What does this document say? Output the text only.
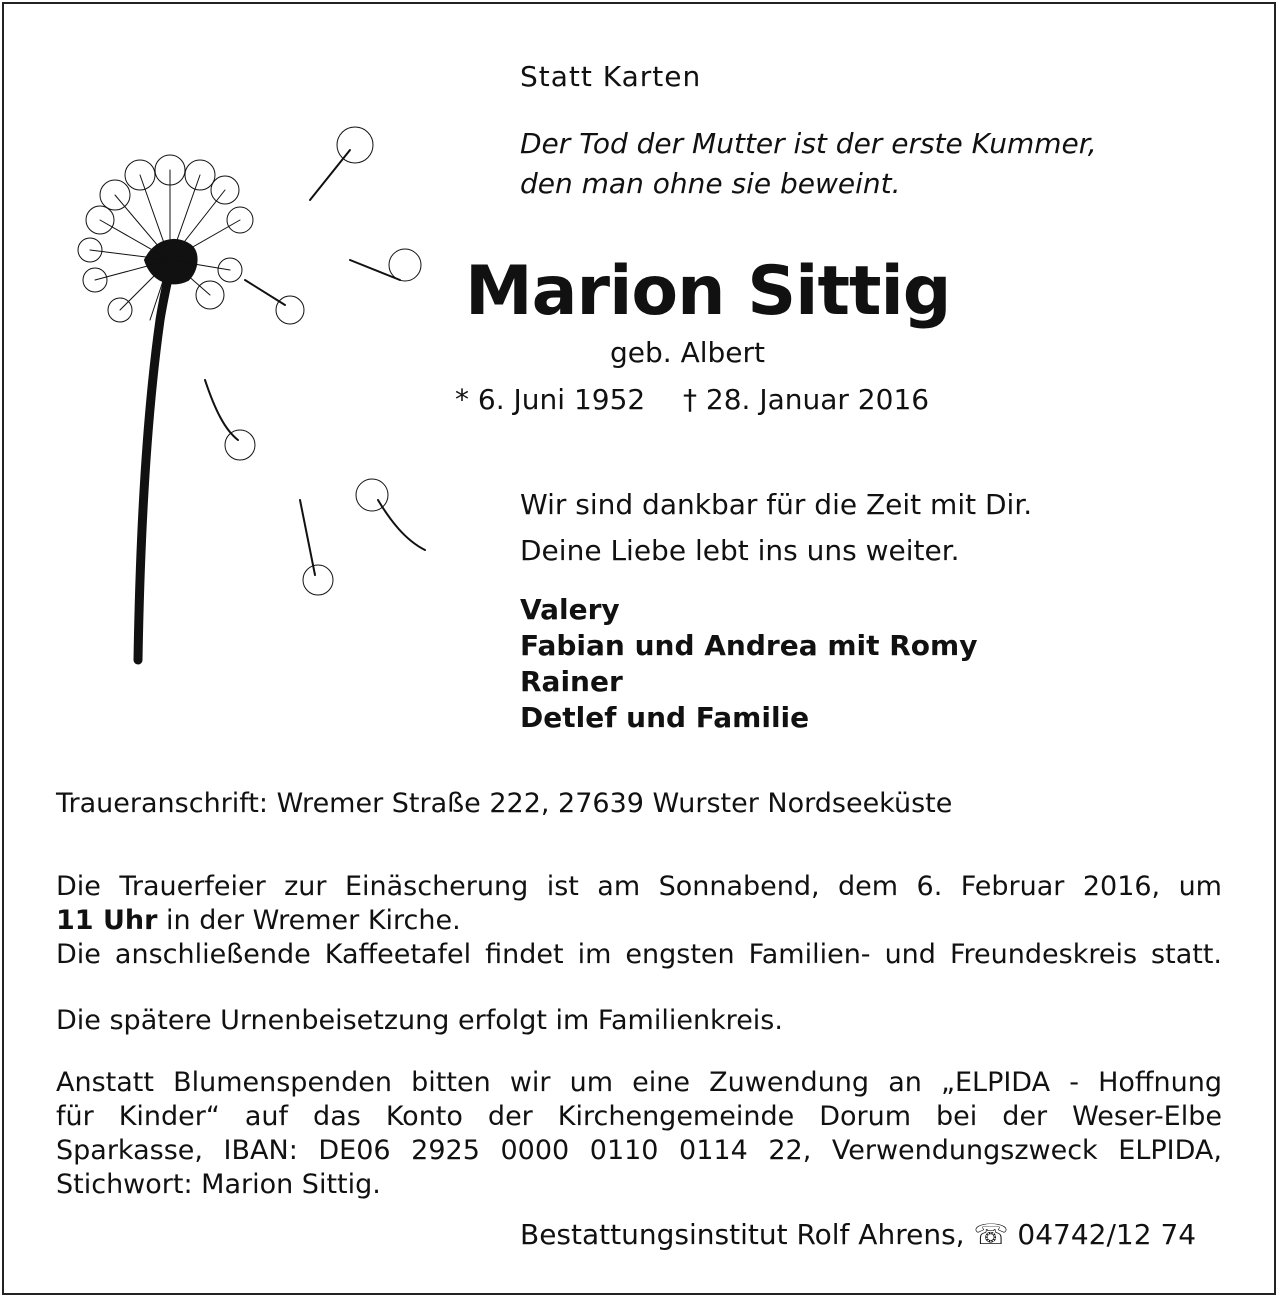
Statt Karten
Der Tod der Mutter ist der erste Kummer,
den man ohne sie beweint.
Marion Sittig
geb. Albert
* 6. Juni 1952 † 28. Januar 2016
Wir sind dankbar für die Zeit mit Dir.
Deine Liebe lebt ins uns weiter.
Valery
Fabian und Andrea mit Romy
Rainer
Detlef und Familie
Traueranschrift: Wremer Straße 222, 27639 Wurster Nordseeküste
Die Trauerfeier zur Einäscherung ist am Sonnabend, dem 6. Februar 2016, um
11 Uhr in der Wremer Kirche.
Die anschließende Kaffeetafel findet im engsten Familien- und Freundeskreis statt.
Die spätere Urnenbeisetzung erfolgt im Familienkreis.
Anstatt Blumenspenden bitten wir um eine Zuwendung an „ELPIDA - Hoffnung
für Kinder“ auf das Konto der Kirchengemeinde Dorum bei der Weser-Elbe
Sparkasse, IBAN: DE06 2925 0000 0110 0114 22, Verwendungszweck ELPIDA,
Stichwort: Marion Sittig.
Bestattungsinstitut Rolf Ahrens, ☏ 04742/12 74
